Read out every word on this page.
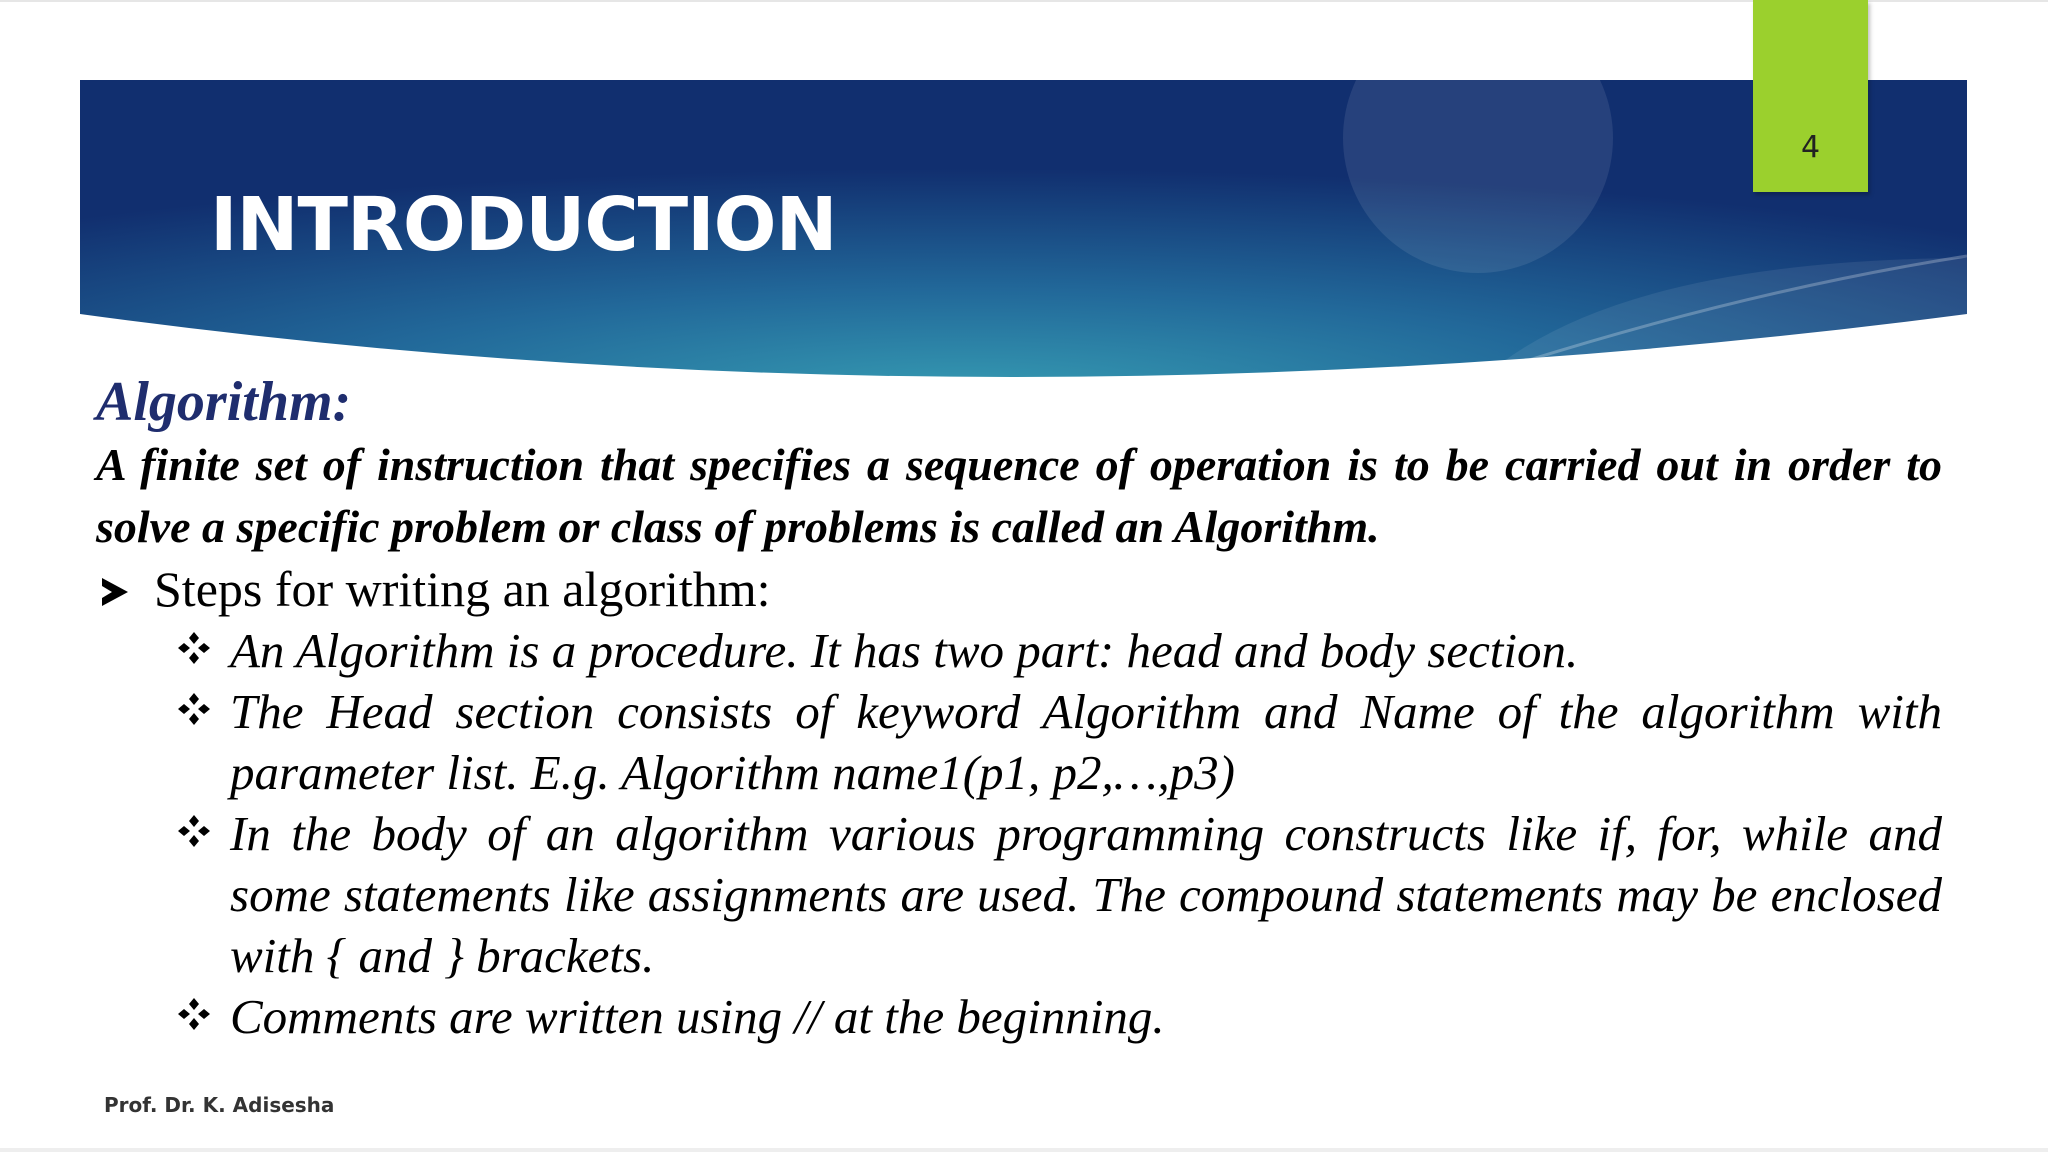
4
INTRODUCTION

Algorithm:

A finite set of instruction that specifies a sequence of operation is to be carried out in order to solve a specific problem or class of problems is called an Algorithm.

Steps for writing an algorithm:

An Algorithm is a procedure. It has two part: head and body section.
The Head section consists of keyword Algorithm and Name of the algorithm with parameter list. E.g. Algorithm name1(p1, p2,…,p3)
In the body of an algorithm various programming constructs like if, for, while and some statements like assignments are used. The compound statements may be enclosed with { and } brackets.
Comments are written using // at the beginning.
Prof. Dr. K. Adisesha
